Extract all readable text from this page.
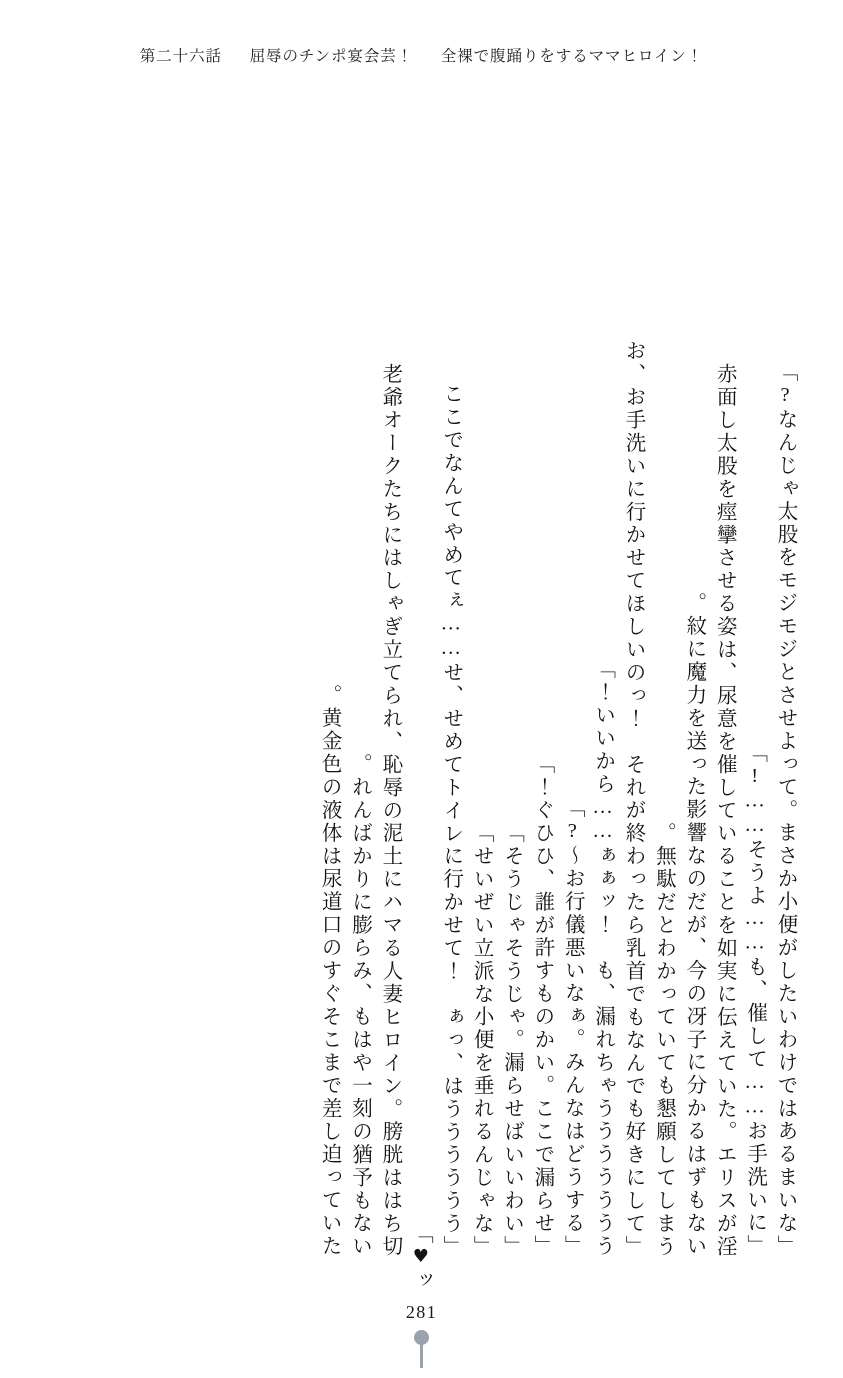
第二十六話 屈辱のチンポ宴会芸！ 全裸で腹踊りをするママヒロイン！
「なんじゃ太股をモジモジとさせよって。まさか小便がしたいわけではあるまいな?」
「そうよ……も、催して……お手洗いに……!」
赤面し太股を痙攣させる姿は、尿意を催していることを如実に伝えていた。エリスが淫
紋に魔力を送った影響なのだが、今の冴子に分かるはずもない。
無駄だとわかっていても懇願してしまう。
「お、お手洗いに行かせてほしいのっ！　それが終わったら乳首でもなんでも好きにして
いいから……ぁぁッ！　も、漏れちゃううううううう！」
「お行儀悪いなぁ。みんなはどうする～?」
「ぐひひ、誰が許すものかい。ここで漏らせ！」
「そうじゃそうじゃ。漏らせばいいわい」
「せいぜい立派な小便を垂れるんじゃな」
「ここでなんてやめてぇ……せ、せめてトイレに行かせて！　ぁっ、はうううううう
ッ♥」
老爺オークたちにはしゃぎ立てられ、恥辱の泥土にハマる人妻ヒロイン。膀胱ははち切
れんばかりに膨らみ、もはや一刻の猶予もない。
黄金色の液体は尿道口のすぐそこまで差し迫っていた。
281
